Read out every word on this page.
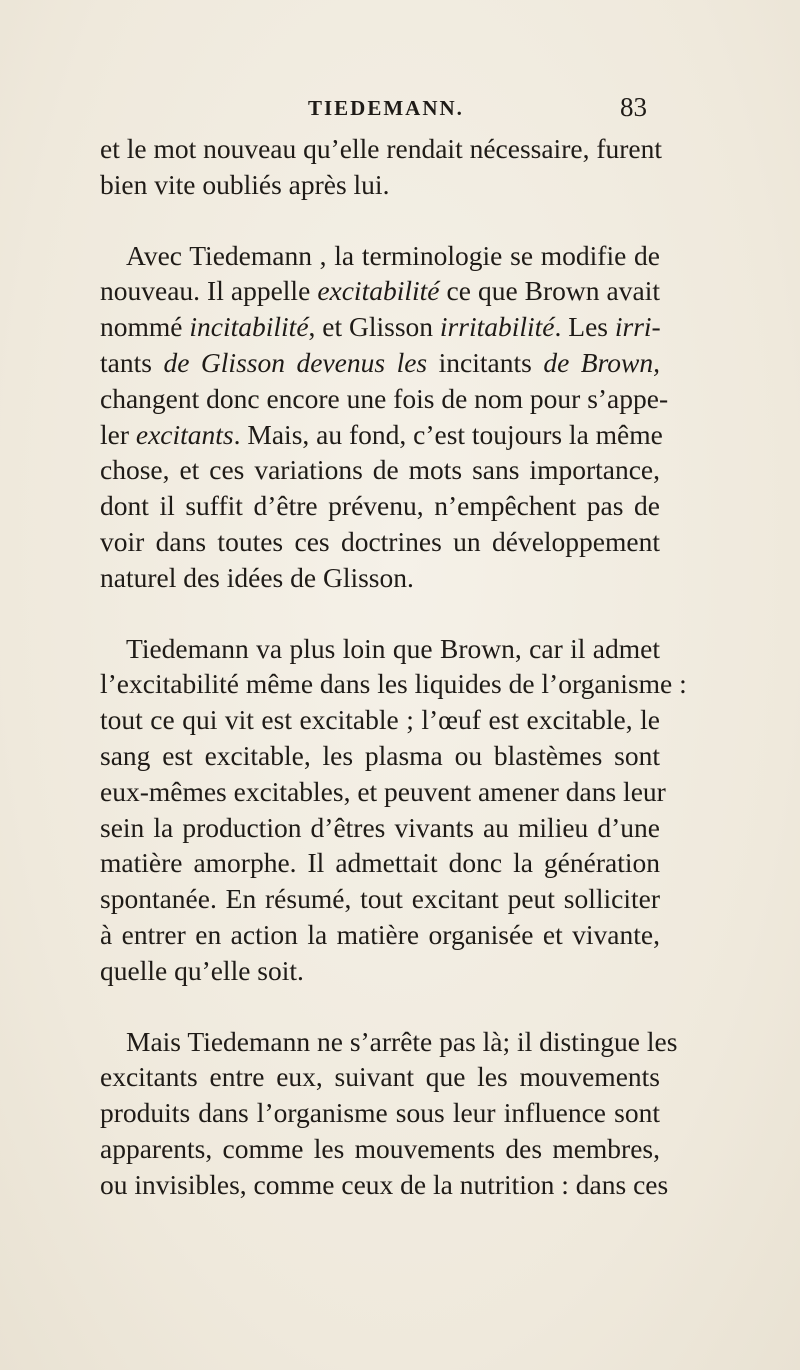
TIEDEMANN.	83

et le mot nouveau qu’elle rendait nécessaire, furent
bien vite oubliés après lui.

Avec Tiedemann , la terminologie se modifie de
nouveau. Il appelle excitabilité ce que Brown avait
nommé incitabilité, et Glisson irritabilité. Les irri-
tants de Glisson devenus les incitants de Brown,
changent donc encore une fois de nom pour s’appe-
ler excitants. Mais, au fond, c’est toujours la même
chose, et ces variations de mots sans importance,
dont il suffit d’être prévenu, n’empêchent pas de
voir dans toutes ces doctrines un développement
naturel des idées de Glisson.

Tiedemann va plus loin que Brown, car il admet
l’excitabilité même dans les liquides de l’organisme :
tout ce qui vit est excitable ; l’œuf est excitable, le
sang est excitable, les plasma ou blastèmes sont
eux-mêmes excitables, et peuvent amener dans leur
sein la production d’êtres vivants au milieu d’une
matière amorphe. Il admettait donc la génération
spontanée. En résumé, tout excitant peut solliciter
à entrer en action la matière organisée et vivante,
quelle qu’elle soit.

Mais Tiedemann ne s’arrête pas là; il distingue les
excitants entre eux, suivant que les mouvements
produits dans l’organisme sous leur influence sont
apparents, comme les mouvements des membres,
ou invisibles, comme ceux de la nutrition : dans ces
